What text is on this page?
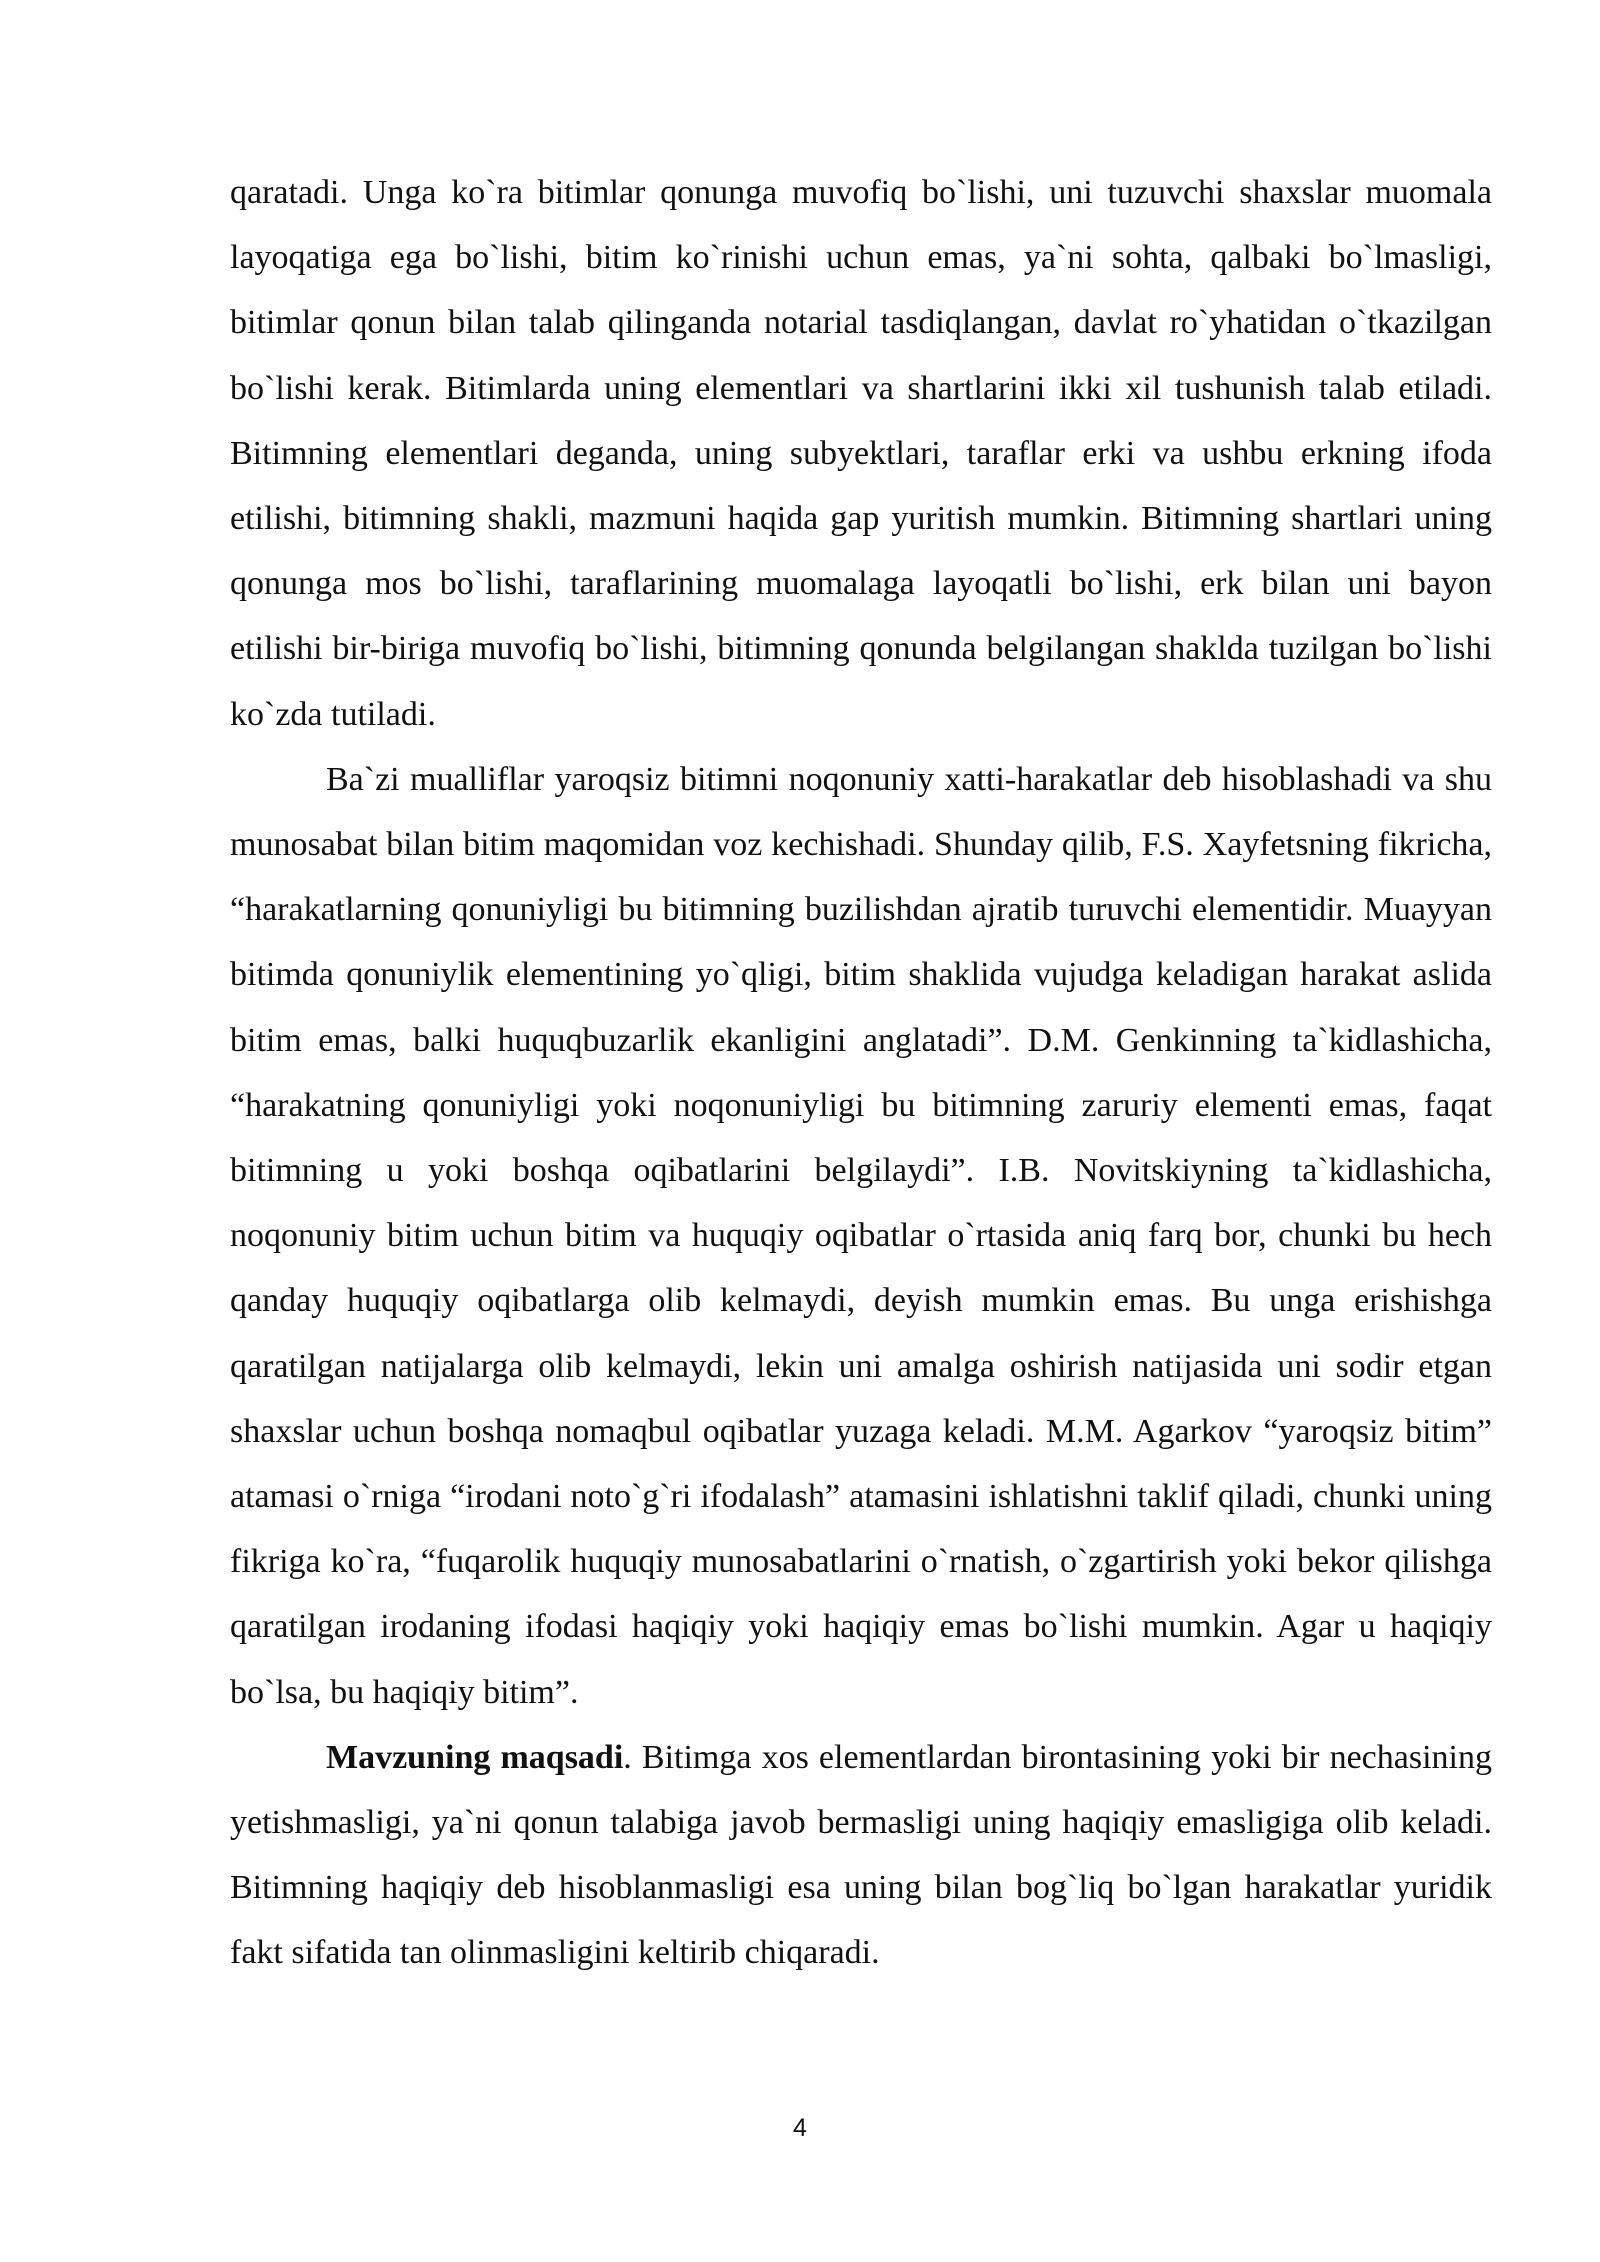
qaratadi. Unga ko`ra bitimlar qonunga muvofiq bo`lishi, uni tuzuvchi shaxslar muomala layoqatiga ega bo`lishi, bitim ko`rinishi uchun emas, ya`ni sohta, qalbaki bo`lmasligi, bitimlar qonun bilan talab qilinganda notarial tasdiqlangan, davlat ro`yhatidan o`tkazilgan bo`lishi kerak. Bitimlarda uning elementlari va shartlarini ikki xil tushunish talab etiladi. Bitimning elementlari deganda, uning subyektlari, taraflar erki va ushbu erkning ifoda etilishi, bitimning shakli, mazmuni haqida gap yuritish mumkin. Bitimning shartlari uning qonunga mos bo`lishi, taraflarining muomalaga layoqatli bo`lishi, erk bilan uni bayon etilishi bir-biriga muvofiq bo`lishi, bitimning qonunda belgilangan shaklda tuzilgan bo`lishi ko`zda tutiladi.

Ba`zi mualliflar yaroqsiz bitimni noqonuniy xatti-harakatlar deb hisoblashadi va shu munosabat bilan bitim maqomidan voz kechishadi. Shunday qilib, F.S. Xayfetsning fikricha, “harakatlarning qonuniyligi bu bitimning buzilishdan ajratib turuvchi elementidir. Muayyan bitimda qonuniylik elementining yo`qligi, bitim shaklida vujudga keladigan harakat aslida bitim emas, balki huquqbuzarlik ekanligini anglatadi”. D.M. Genkinning ta`kidlashicha, “harakatning qonuniyligi yoki noqonuniyligi bu bitimning zaruriy elementi emas, faqat bitimning u yoki boshqa oqibatlarini belgilaydi”. I.B. Novitskiyning ta`kidlashicha, noqonuniy bitim uchun bitim va huquqiy oqibatlar o`rtasida aniq farq bor, chunki bu hech qanday huquqiy oqibatlarga olib kelmaydi, deyish mumkin emas. Bu unga erishishga qaratilgan natijalarga olib kelmaydi, lekin uni amalga oshirish natijasida uni sodir etgan shaxslar uchun boshqa nomaqbul oqibatlar yuzaga keladi. M.M. Agarkov “yaroqsiz bitim” atamasi o`rniga “irodani noto`g`ri ifodalash” atamasini ishlatishni taklif qiladi, chunki uning fikriga ko`ra, “fuqarolik huquqiy munosabatlarini o`rnatish, o`zgartirish yoki bekor qilishga qaratilgan irodaning ifodasi haqiqiy yoki haqiqiy emas bo`lishi mumkin. Agar u haqiqiy bo`lsa, bu haqiqiy bitim”.

Mavzuning maqsadi. Bitimga xos elementlardan birontasining yoki bir nechasining yetishmasligi, ya`ni qonun talabiga javob bermasligi uning haqiqiy emasligiga olib keladi. Bitimning haqiqiy deb hisoblanmasligi esa uning bilan bog`liq bo`lgan harakatlar yuridik fakt sifatida tan olinmasligini keltirib chiqaradi.

4
